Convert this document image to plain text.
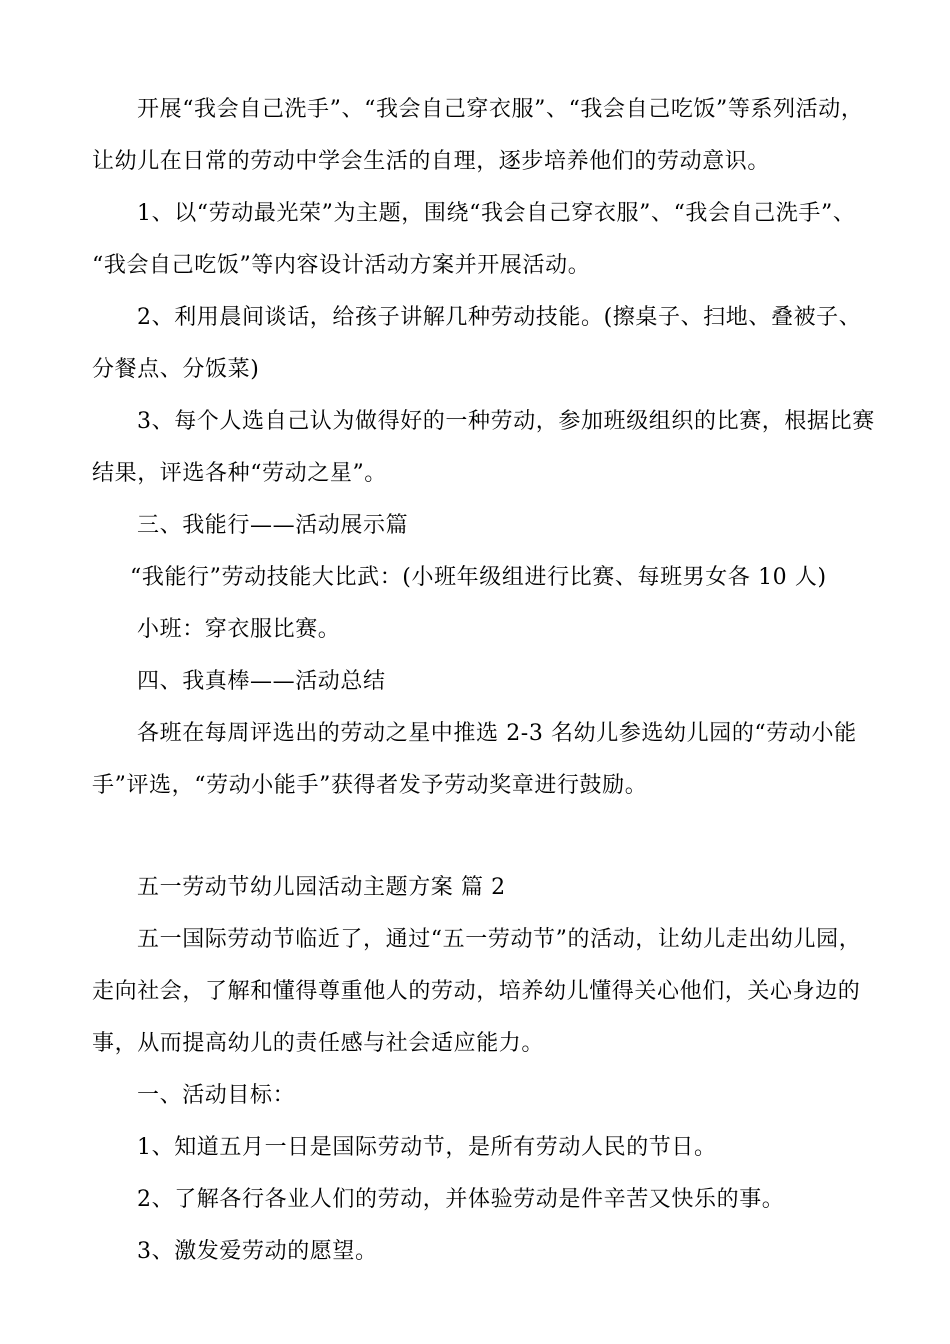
开展“我会自己洗手”、“我会自己穿衣服”、“我会自己吃饭”等系列活动，

让幼儿在日常的劳动中学会生活的自理，逐步培养他们的劳动意识。

1、以“劳动最光荣”为主题，围绕“我会自己穿衣服”、“我会自己洗手”、

“我会自己吃饭”等内容设计活动方案并开展活动。

2、利用晨间谈话，给孩子讲解几种劳动技能。(擦桌子、扫地、叠被子、

分餐点、分饭菜)

3、每个人选自己认为做得好的一种劳动，参加班级组织的比赛，根据比赛

结果，评选各种“劳动之星”。

三、我能行——活动展示篇

“我能行”劳动技能大比武：(小班年级组进行比赛、每班男女各 10 人)

小班：穿衣服比赛。

四、我真棒——活动总结

各班在每周评选出的劳动之星中推选 2-3 名幼儿参选幼儿园的“劳动小能

手”评选，“劳动小能手”获得者发予劳动奖章进行鼓励。

五一劳动节幼儿园活动主题方案 篇 2

五一国际劳动节临近了，通过“五一劳动节”的活动，让幼儿走出幼儿园，

走向社会，了解和懂得尊重他人的劳动，培养幼儿懂得关心他们，关心身边的

事，从而提高幼儿的责任感与社会适应能力。

一、活动目标：

1、知道五月一日是国际劳动节，是所有劳动人民的节日。

2、了解各行各业人们的劳动，并体验劳动是件辛苦又快乐的事。

3、激发爱劳动的愿望。
